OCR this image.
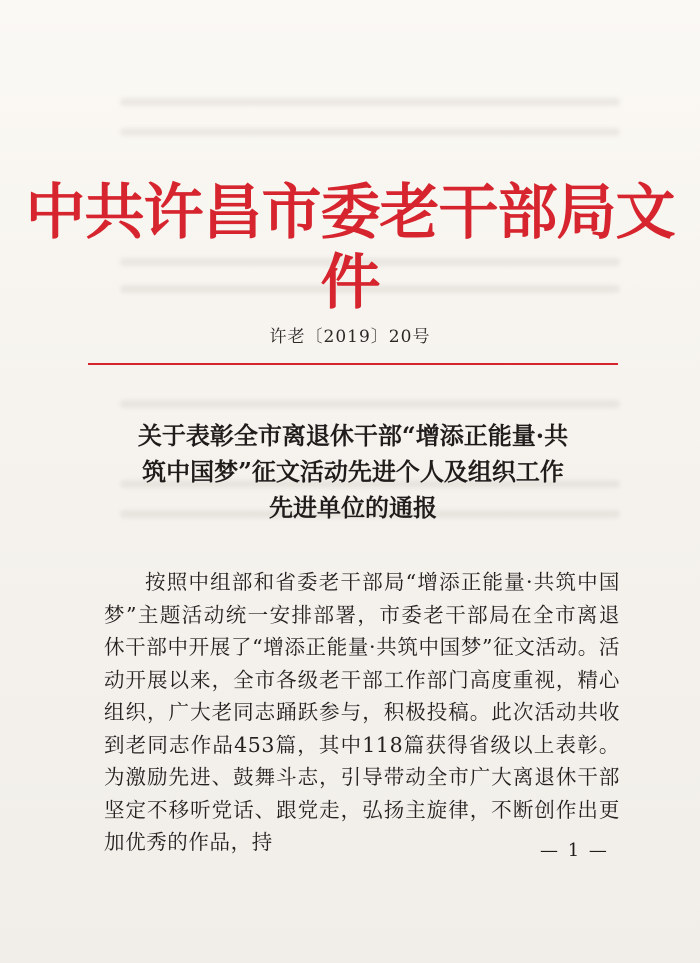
中共许昌市委老干部局文件
许老〔2019〕20号
关于表彰全市离退休干部“增添正能量·共
筑中国梦”征文活动先进个人及组织工作
先进单位的通报
按照中组部和省委老干部局“增添正能量·共筑中国梦”主题活动统一安排部署，市委老干部局在全市离退休干部中开展了“增添正能量·共筑中国梦”征文活动。活动开展以来，全市各级老干部工作部门高度重视，精心组织，广大老同志踊跃参与，积极投稿。此次活动共收到老同志作品453篇，其中118篇获得省级以上表彰。为激励先进、鼓舞斗志，引导带动全市广大离退休干部坚定不移听党话、跟党走，弘扬主旋律，不断创作出更加优秀的作品，持	— 1 —
